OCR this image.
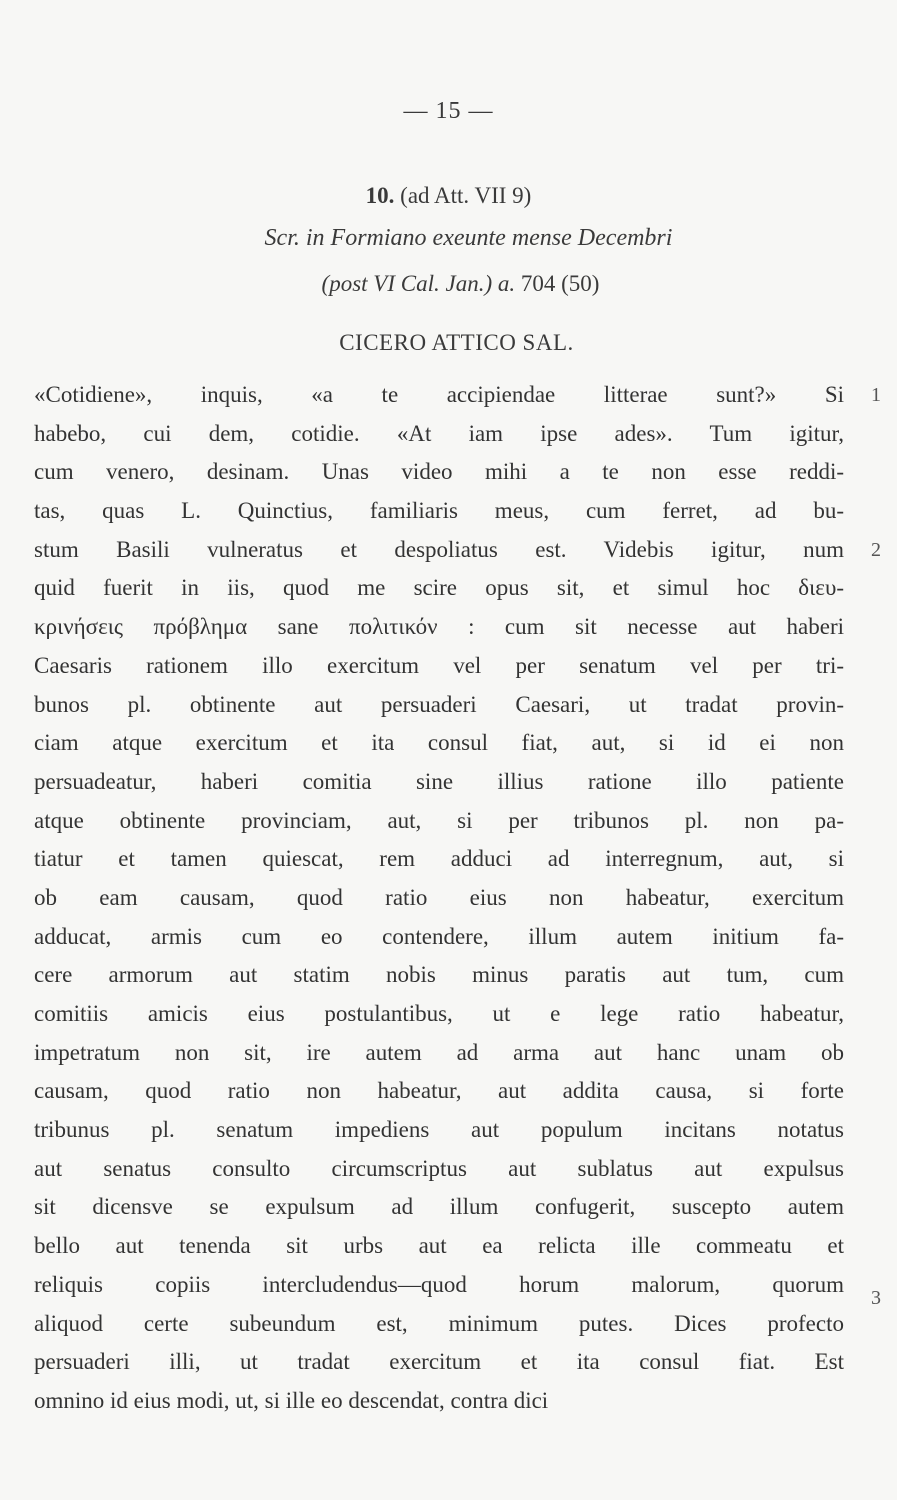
— 15 —
10. (ad Att. VII 9)
Scr. in Formiano exeunte mense Decembri
(post VI Cal. Jan.) a. 704 (50)
CICERO ATTICO SAL.
«Cotidiene», inquis, «a te accipiendae litterae sunt?» Si
habebo, cui dem, cotidie. «At iam ipse ades». Tum igitur,
cum venero, desinam. Unas video mihi a te non esse reddi-
tas, quas L. Quinctius, familiaris meus, cum ferret, ad bu-
stum Basili vulneratus et despoliatus est. Videbis igitur, num
quid fuerit in iis, quod me scire opus sit, et simul hoc διευ-
κρινήσεις πρόβλημα sane πολιτικόν : cum sit necesse aut haberi
Caesaris rationem illo exercitum vel per senatum vel per tri-
bunos pl. obtinente aut persuaderi Caesari, ut tradat provin-
ciam atque exercitum et ita consul fiat, aut, si id ei non
persuadeatur, haberi comitia sine illius ratione illo patiente
atque obtinente provinciam, aut, si per tribunos pl. non pa-
tiatur et tamen quiescat, rem adduci ad interregnum, aut, si
ob eam causam, quod ratio eius non habeatur, exercitum
adducat, armis cum eo contendere, illum autem initium fa-
cere armorum aut statim nobis minus paratis aut tum, cum
comitiis amicis eius postulantibus, ut e lege ratio habeatur,
impetratum non sit, ire autem ad arma aut hanc unam ob
causam, quod ratio non habeatur, aut addita causa, si forte
tribunus pl. senatum impediens aut populum incitans notatus
aut senatus consulto circumscriptus aut sublatus aut expulsus
sit dicensve se expulsum ad illum confugerit, suscepto autem
bello aut tenenda sit urbs aut ea relicta ille commeatu et
reliquis copiis intercludendus—quod horum malorum, quorum
aliquod certe subeundum est, minimum putes. Dices profecto
persuaderi illi, ut tradat exercitum et ita consul fiat. Est
omnino id eius modi, ut, si ille eo descendat, contra dici
1
2
3
